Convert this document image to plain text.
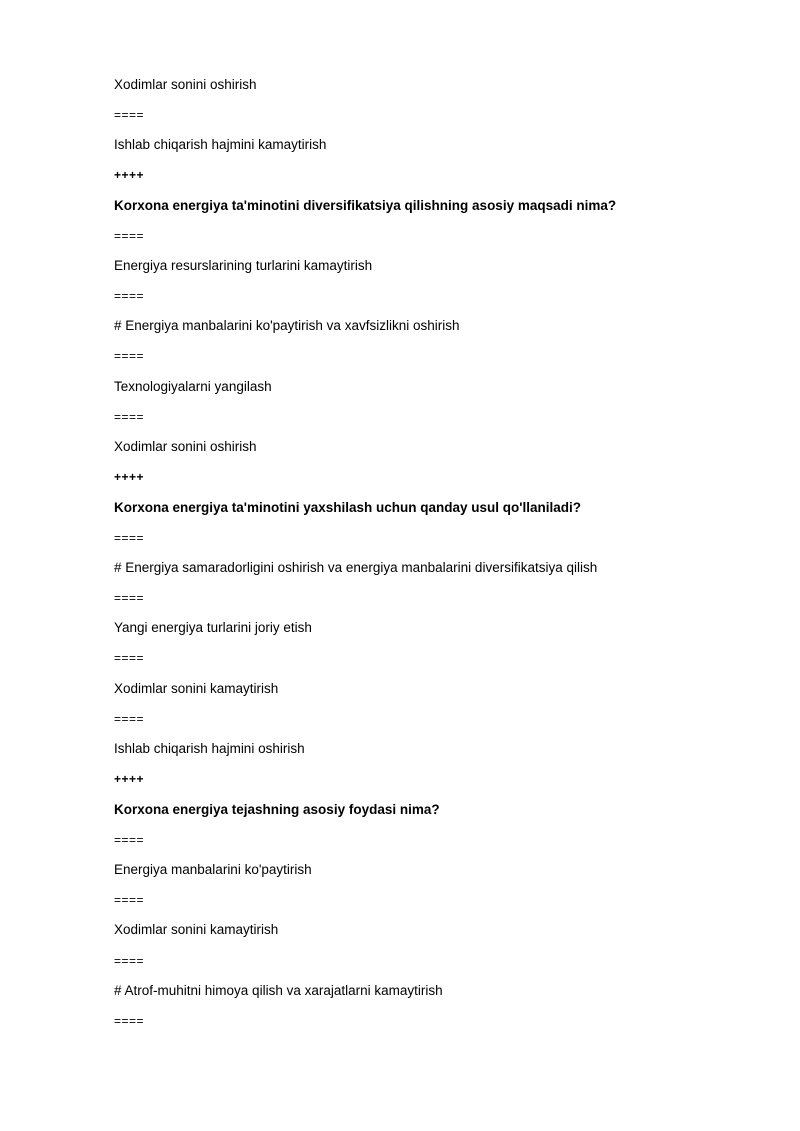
Xodimlar sonini oshirish
====
Ishlab chiqarish hajmini kamaytirish
++++
Korxona energiya ta'minotini diversifikatsiya qilishning asosiy maqsadi nima?
====
Energiya resurslarining turlarini kamaytirish
====
# Energiya manbalarini ko'paytirish va xavfsizlikni oshirish
====
Texnologiyalarni yangilash
====
Xodimlar sonini oshirish
++++
Korxona energiya ta'minotini yaxshilash uchun qanday usul qo'llaniladi?
====
# Energiya samaradorligini oshirish va energiya manbalarini diversifikatsiya qilish
====
Yangi energiya turlarini joriy etish
====
Xodimlar sonini kamaytirish
====
Ishlab chiqarish hajmini oshirish
++++
Korxona energiya tejashning asosiy foydasi nima?
====
Energiya manbalarini ko'paytirish
====
Xodimlar sonini kamaytirish
====
# Atrof-muhitni himoya qilish va xarajatlarni kamaytirish
====
